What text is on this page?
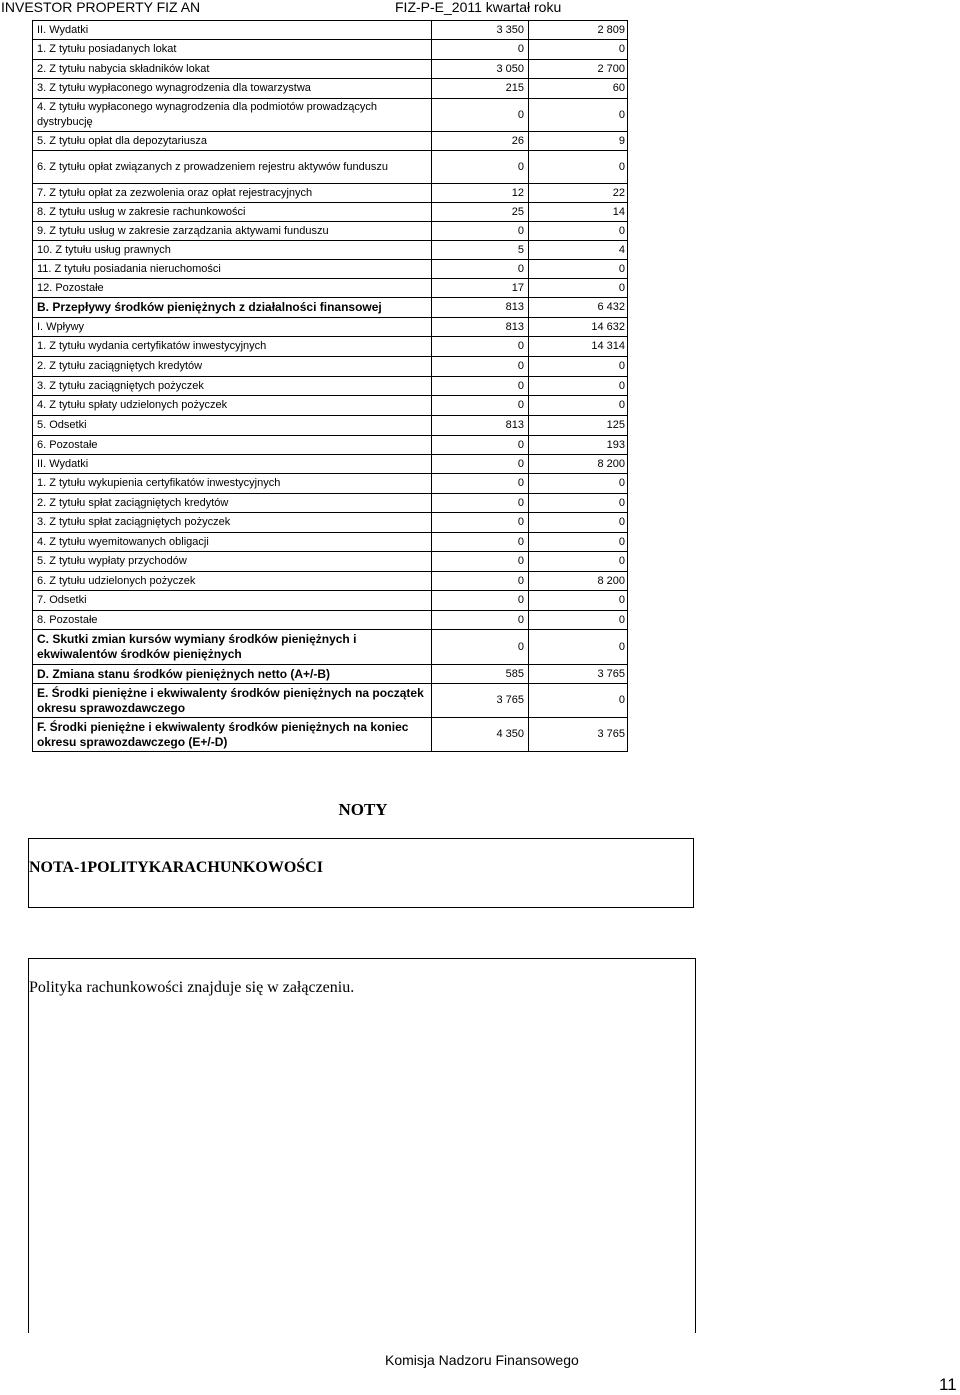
INVESTOR PROPERTY FIZ AN	FIZ-P-E_2011 kwartał roku
II. Wydatki	3 350	2 809
1. Z tytułu posiadanych lokat	0	0
2. Z tytułu nabycia składników lokat	3 050	2 700
3. Z tytułu wypłaconego wynagrodzenia dla towarzystwa	215	60
4. Z tytułu wypłaconego wynagrodzenia dla podmiotów prowadzących dystrybucję	0	0
5. Z tytułu opłat dla depozytariusza	26	9
6. Z tytułu opłat związanych z prowadzeniem rejestru aktywów funduszu	0	0
7. Z tytułu opłat za zezwolenia oraz opłat rejestracyjnych	12	22
8. Z tytułu usług w zakresie rachunkowości	25	14
9. Z tytułu usług w zakresie zarządzania aktywami funduszu	0	0
10. Z tytułu usług prawnych	5	4
11. Z tytułu posiadania nieruchomości	0	0
12. Pozostałe	17	0
B. Przepływy środków pieniężnych z działalności finansowej	813	6 432
I. Wpływy	813	14 632
1. Z tytułu wydania certyfikatów inwestycyjnych	0	14 314
2. Z tytułu zaciągniętych kredytów	0	0
3. Z tytułu zaciągniętych pożyczek	0	0
4. Z tytułu spłaty udzielonych pożyczek	0	0
5. Odsetki	813	125
6. Pozostałe	0	193
II. Wydatki	0	8 200
1. Z tytułu wykupienia certyfikatów inwestycyjnych	0	0
2. Z tytułu spłat zaciągniętych kredytów	0	0
3. Z tytułu spłat zaciągniętych pożyczek	0	0
4. Z tytułu wyemitowanych obligacji	0	0
5. Z tytułu wypłaty przychodów	0	0
6. Z tytułu udzielonych pożyczek	0	8 200
7. Odsetki	0	0
8. Pozostałe	0	0
C. Skutki zmian kursów wymiany środków pieniężnych i ekwiwalentów środków pieniężnych	0	0
D. Zmiana stanu środków pieniężnych netto (A+/-B)	585	3 765
E. Środki pieniężne i ekwiwalenty środków pieniężnych na początek okresu sprawozdawczego	3 765	0
F. Środki pieniężne i ekwiwalenty środków pieniężnych na koniec okresu sprawozdawczego (E+/-D)	4 350	3 765
NOTY
NOTA-1POLITYKARACHUNKOWOŚCI
Polityka rachunkowości znajduje się w załączeniu.
Komisja Nadzoru Finansowego
11
